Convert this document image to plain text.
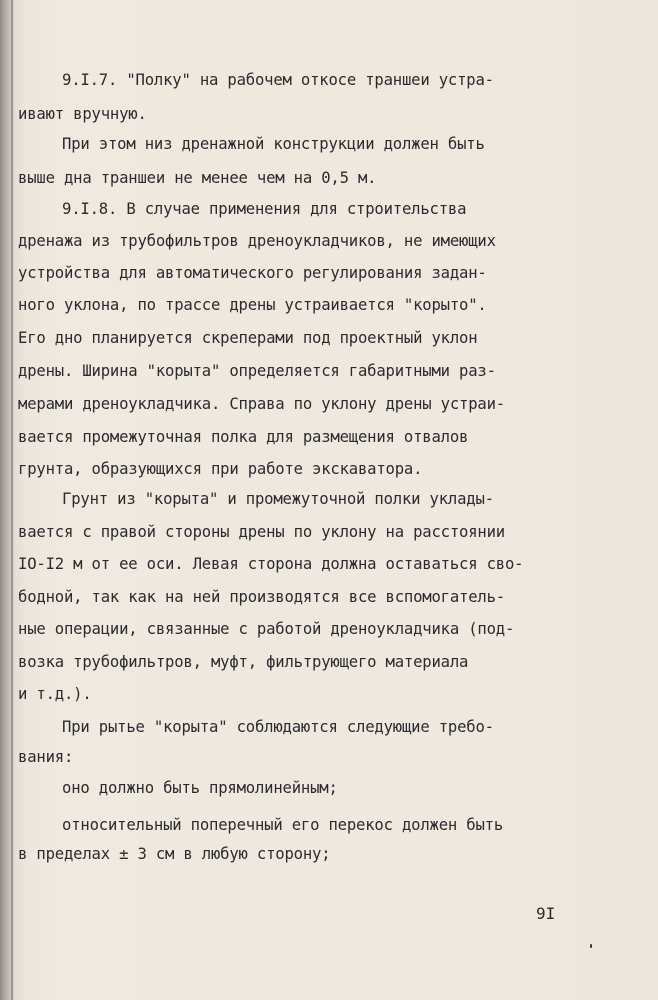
9.I.7. "Полку" на рабочем откосе траншеи устра-
ивают вручную.
При этом низ дренажной конструкции должен быть
выше дна траншеи не менее чем на 0,5 м.
9.I.8. В случае применения для строительства
дренажа из трубофильтров дреноукладчиков, не имеющих
устройства для автоматического регулирования задан-
ного уклона, по трассе дрены устраивается "корыто".
Его дно планируется скреперами под проектный уклон
дрены. Ширина "корыта" определяется габаритными раз-
мерами дреноукладчика. Справа по уклону дрены устраи-
вается промежуточная полка для размещения отвалов
грунта, образующихся при работе экскаватора.
Грунт из "корыта" и промежуточной полки уклады-
вается с правой стороны дрены по уклону на расстоянии
IO-I2 м от ее оси. Левая сторона должна оставаться сво-
бодной, так как на ней производятся все вспомогатель-
ные операции, связанные с работой дреноукладчика (под-
возка трубофильтров, муфт, фильтрующего материала
и т.д.).
При рытье "корыта" соблюдаются следующие требо-
вания:
оно должно быть прямолинейным;
относительный поперечный его перекос должен быть
в пределах ± 3 см в любую сторону;
9I
